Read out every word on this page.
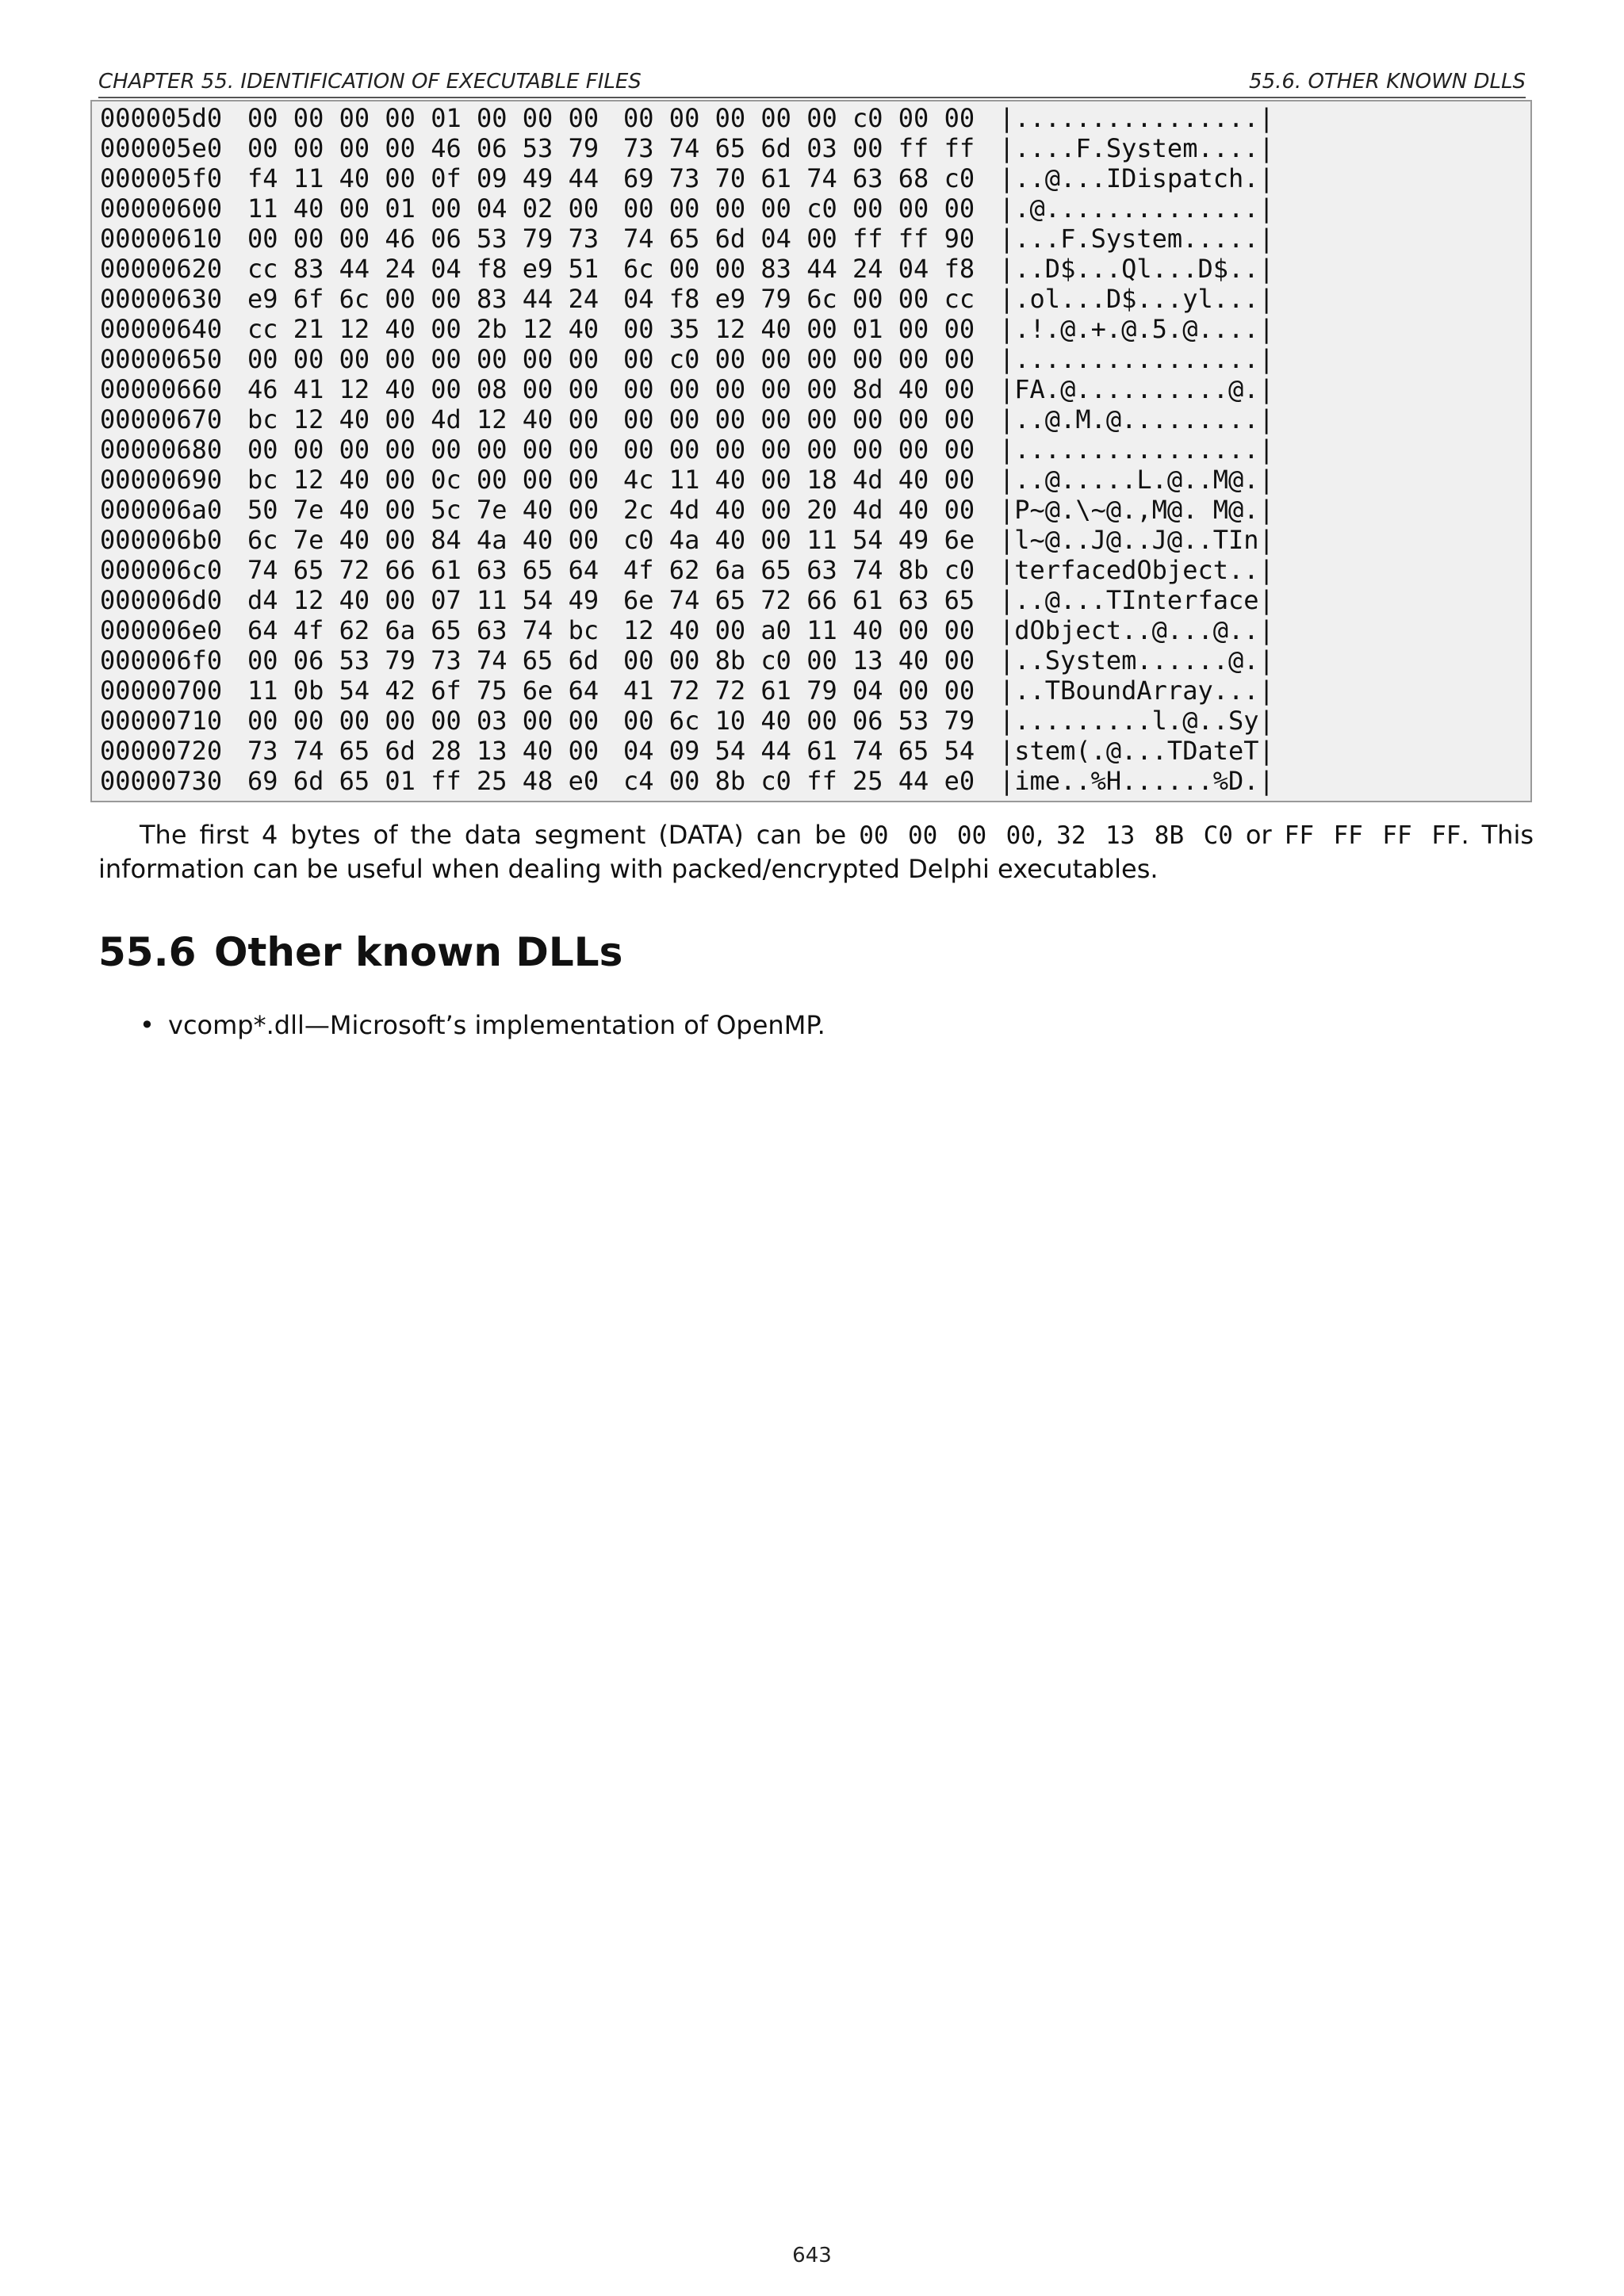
CHAPTER 55. IDENTIFICATION OF EXECUTABLE FILES	55.6. OTHER KNOWN DLLS
000005d0 00 00 00 00 01 00 00 00 00 00 00 00 00 c0 00 00 |................|
000005e0 00 00 00 00 46 06 53 79 73 74 65 6d 03 00 ff ff |....F.System....|
000005f0 f4 11 40 00 0f 09 49 44 69 73 70 61 74 63 68 c0 |..@...IDispatch.|
00000600 11 40 00 01 00 04 02 00 00 00 00 00 c0 00 00 00 |.@..............|
00000610 00 00 00 46 06 53 79 73 74 65 6d 04 00 ff ff 90 |...F.System.....|
00000620 cc 83 44 24 04 f8 e9 51 6c 00 00 83 44 24 04 f8 |..D$...Ql...D$..|
00000630 e9 6f 6c 00 00 83 44 24 04 f8 e9 79 6c 00 00 cc |.ol...D$...yl...|
00000640 cc 21 12 40 00 2b 12 40 00 35 12 40 00 01 00 00 |.!.@.+.@.5.@....|
00000650 00 00 00 00 00 00 00 00 00 c0 00 00 00 00 00 00 |................|
00000660 46 41 12 40 00 08 00 00 00 00 00 00 00 8d 40 00 |FA.@..........@.|
00000670 bc 12 40 00 4d 12 40 00 00 00 00 00 00 00 00 00 |..@.M.@.........|
00000680 00 00 00 00 00 00 00 00 00 00 00 00 00 00 00 00 |................|
00000690 bc 12 40 00 0c 00 00 00 4c 11 40 00 18 4d 40 00 |..@.....L.@..M@.|
000006a0 50 7e 40 00 5c 7e 40 00 2c 4d 40 00 20 4d 40 00 |P~@.\~@.,M@. M@.|
000006b0 6c 7e 40 00 84 4a 40 00 c0 4a 40 00 11 54 49 6e |l~@..J@..J@..TIn|
000006c0 74 65 72 66 61 63 65 64 4f 62 6a 65 63 74 8b c0 |terfacedObject..|
000006d0 d4 12 40 00 07 11 54 49 6e 74 65 72 66 61 63 65 |..@...TInterface|
000006e0 64 4f 62 6a 65 63 74 bc 12 40 00 a0 11 40 00 00 |dObject..@...@..|
000006f0 00 06 53 79 73 74 65 6d 00 00 8b c0 00 13 40 00 |..System......@.|
00000700 11 0b 54 42 6f 75 6e 64 41 72 72 61 79 04 00 00 |..TBoundArray...|
00000710 00 00 00 00 00 03 00 00 00 6c 10 40 00 06 53 79 |.........l.@..Sy|
00000720 73 74 65 6d 28 13 40 00 04 09 54 44 61 74 65 54 |stem(.@...TDateT|
00000730 69 6d 65 01 ff 25 48 e0 c4 00 8b c0 ff 25 44 e0 |ime..%H......%D.|
The first 4 bytes of the data segment (DATA) can be 00 00 00 00, 32 13 8B C0 or FF FF FF FF. This information can be useful when dealing with packed/encrypted Delphi executables.
55.6 Other known DLLs
• vcomp*.dll—Microsoft’s implementation of OpenMP.
643
